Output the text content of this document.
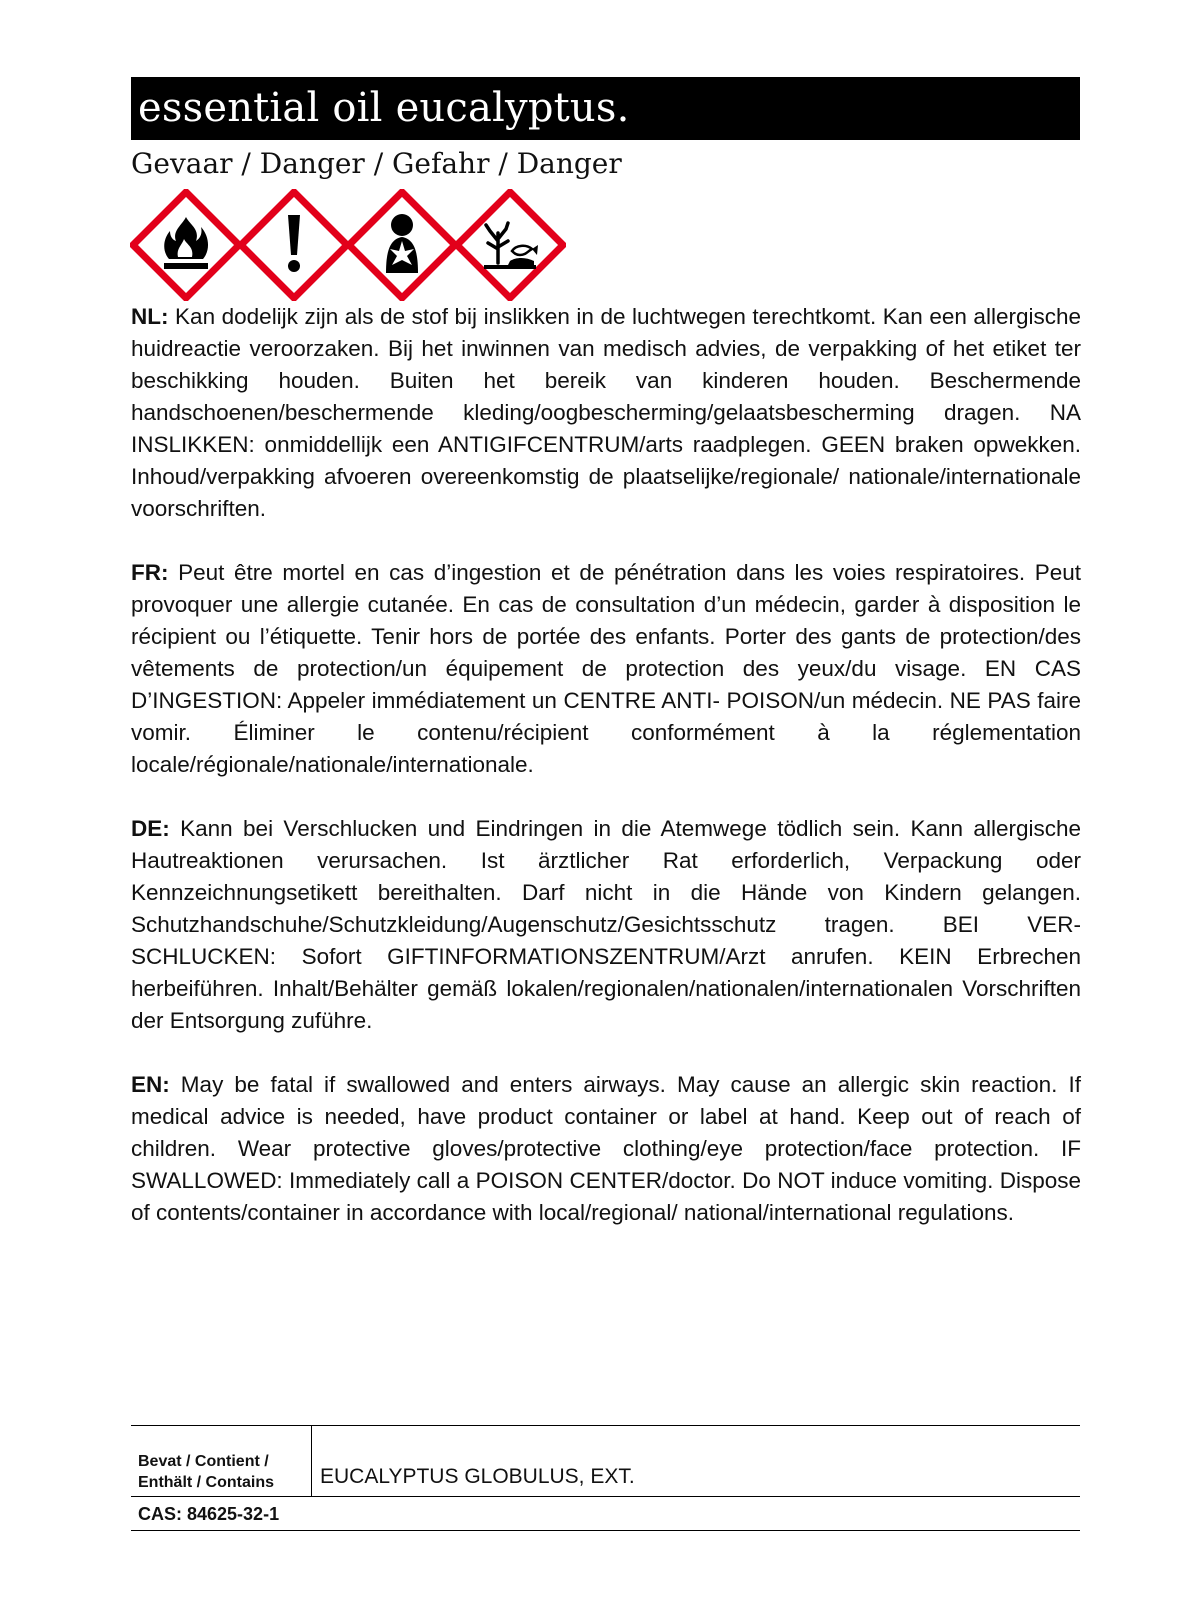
essential oil eucalyptus.
Gevaar / Danger / Gefahr / Danger

NL: Kan dodelijk zijn als de stof bij inslikken in de luchtwegen terechtkomt. Kan een allergische huidreactie veroorzaken. Bij het inwinnen van medisch advies, de verpakking of het etiket ter beschikking houden. Buiten het bereik van kinderen houden. Beschermende handschoenen/beschermende kleding/oogbescherming/gelaatsbescherming dragen. NA INSLIKKEN: onmiddellijk een ANTIGIFCENTRUM/arts raadplegen. GEEN braken opwekken. Inhoud/verpakking afvoeren overeenkomstig de plaatselijke/regionale/ nationale/internationale voorschriften.

FR: Peut être mortel en cas d’ingestion et de pénétration dans les voies respiratoires. Peut provoquer une allergie cutanée. En cas de consultation d’un médecin, garder à disposition le récipient ou l’étiquette. Tenir hors de portée des enfants. Porter des gants de protection/des vêtements de protection/un équipement de protection des yeux/du visage. EN CAS D’INGESTION: Appeler immédiatement un CENTRE ANTI- POISON/un médecin. NE PAS faire vomir. Éliminer le contenu/récipient conformément à la réglementation locale/régionale/nationale/internationale.

DE: Kann bei Verschlucken und Eindringen in die Atemwege tödlich sein. Kann allergische Hautreaktionen verursachen. Ist ärztlicher Rat erforderlich, Verpackung oder Kennzeichnungsetikett bereithalten. Darf nicht in die Hände von Kindern gelangen. Schutzhandschuhe/Schutzkleidung/Augenschutz/Gesichtsschutz tragen. BEI VER- SCHLUCKEN: Sofort GIFTINFORMATIONSZENTRUM/Arzt anrufen. KEIN Erbrechen herbeiführen. Inhalt/Behälter gemäß lokalen/regionalen/nationalen/internationalen Vorschriften der Entsorgung zuführe.

EN: May be fatal if swallowed and enters airways. May cause an allergic skin reaction. If medical advice is needed, have product container or label at hand. Keep out of reach of children. Wear protective gloves/protective clothing/eye protection/face protection. IF SWALLOWED: Immediately call a POISON CENTER/doctor. Do NOT induce vomiting. Dispose of contents/container in accordance with local/regional/ national/international regulations.

Bevat / Contient /
Enthält / Contains	EUCALYPTUS GLOBULUS, EXT.
CAS: 84625-32-1
